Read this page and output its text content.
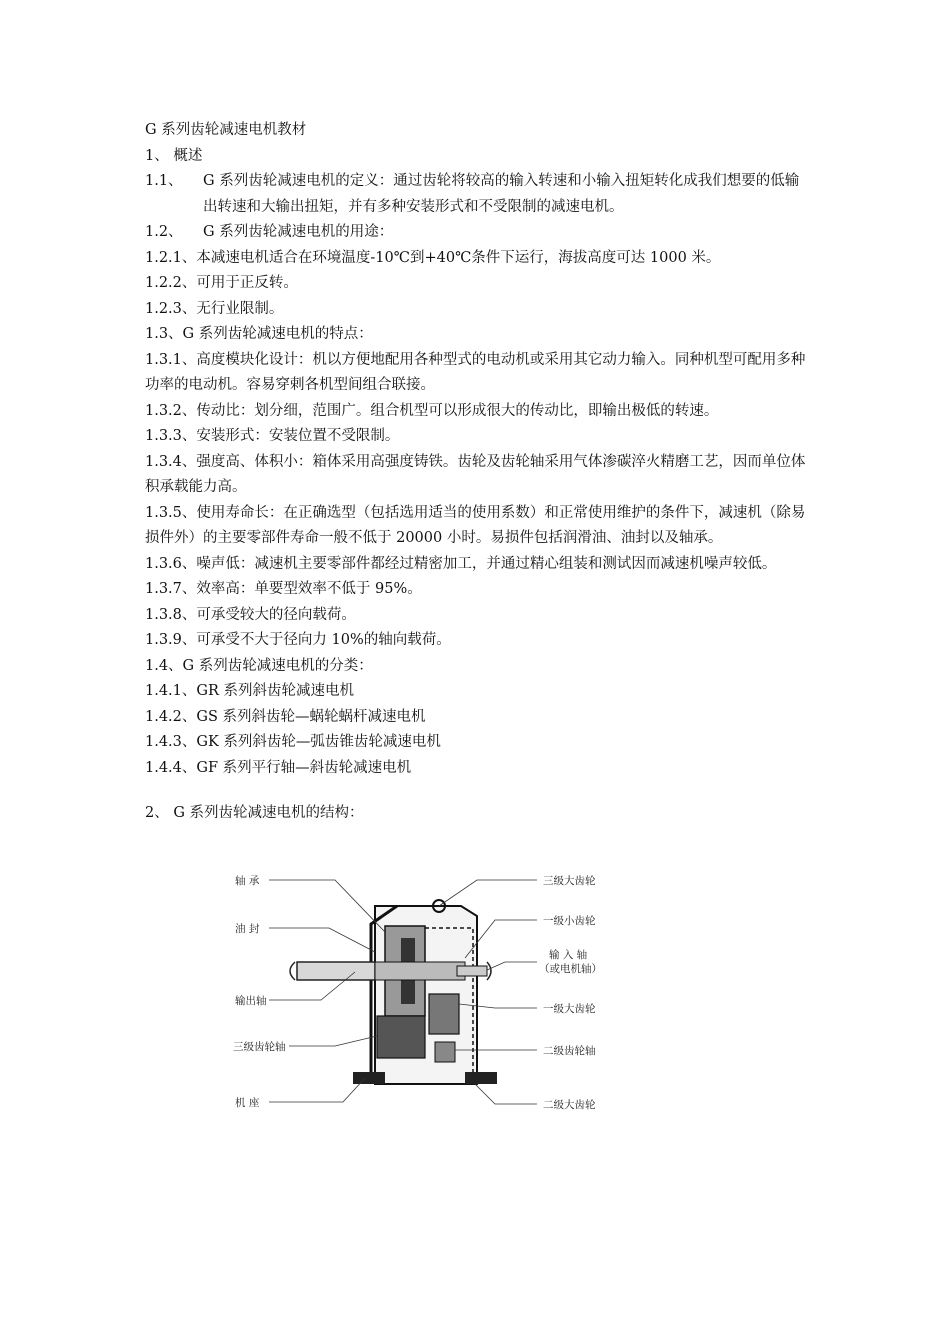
G 系列齿轮减速电机教材
1、 概述
1.1、	G 系列齿轮减速电机的定义：通过齿轮将较高的输入转速和小输入扭矩转化成我们想要的低输出转速和大输出扭矩，并有多种安装形式和不受限制的减速电机。
1.2、	G 系列齿轮减速电机的用途：
1.2.1、本减速电机适合在环境温度-10℃到+40℃条件下运行，海拔高度可达 1000 米。
1.2.2、可用于正反转。
1.2.3、无行业限制。
1.3、G 系列齿轮减速电机的特点：
1.3.1、高度模块化设计：机以方便地配用各种型式的电动机或采用其它动力输入。同种机型可配用多种功率的电动机。容易穿剌各机型间组合联接。
1.3.2、传动比：划分细，范围广。组合机型可以形成很大的传动比，即输出极低的转速。
1.3.3、安装形式：安装位置不受限制。
1.3.4、强度高、体积小：箱体采用高强度铸铁。齿轮及齿轮轴采用气体渗碳淬火精磨工艺，因而单位体积承载能力高。
1.3.5、使用寿命长：在正确选型（包括选用适当的使用系数）和正常使用维护的条件下，减速机（除易损件外）的主要零部件寿命一般不低于 20000 小时。易损件包括润滑油、油封以及轴承。
1.3.6、噪声低：减速机主要零部件都经过精密加工，并通过精心组装和测试因而减速机噪声较低。
1.3.7、效率高：单要型效率不低于 95%。
1.3.8、可承受较大的径向载荷。
1.3.9、可承受不大于径向力 10%的轴向载荷。
1.4、G 系列齿轮减速电机的分类：
1.4.1、GR 系列斜齿轮减速电机
1.4.2、GS 系列斜齿轮—蜗轮蜗杆减速电机
1.4.3、GK 系列斜齿轮—弧齿锥齿轮减速电机
1.4.4、GF 系列平行轴—斜齿轮减速电机
2、 G 系列齿轮减速电机的结构：
轴 承
油 封
输出轴
三级齿轮轴
机 座
三级大齿轮
一级小齿轮
输 入 轴
（或电机轴）
一级大齿轮
二级齿轮轴
二级大齿轮
